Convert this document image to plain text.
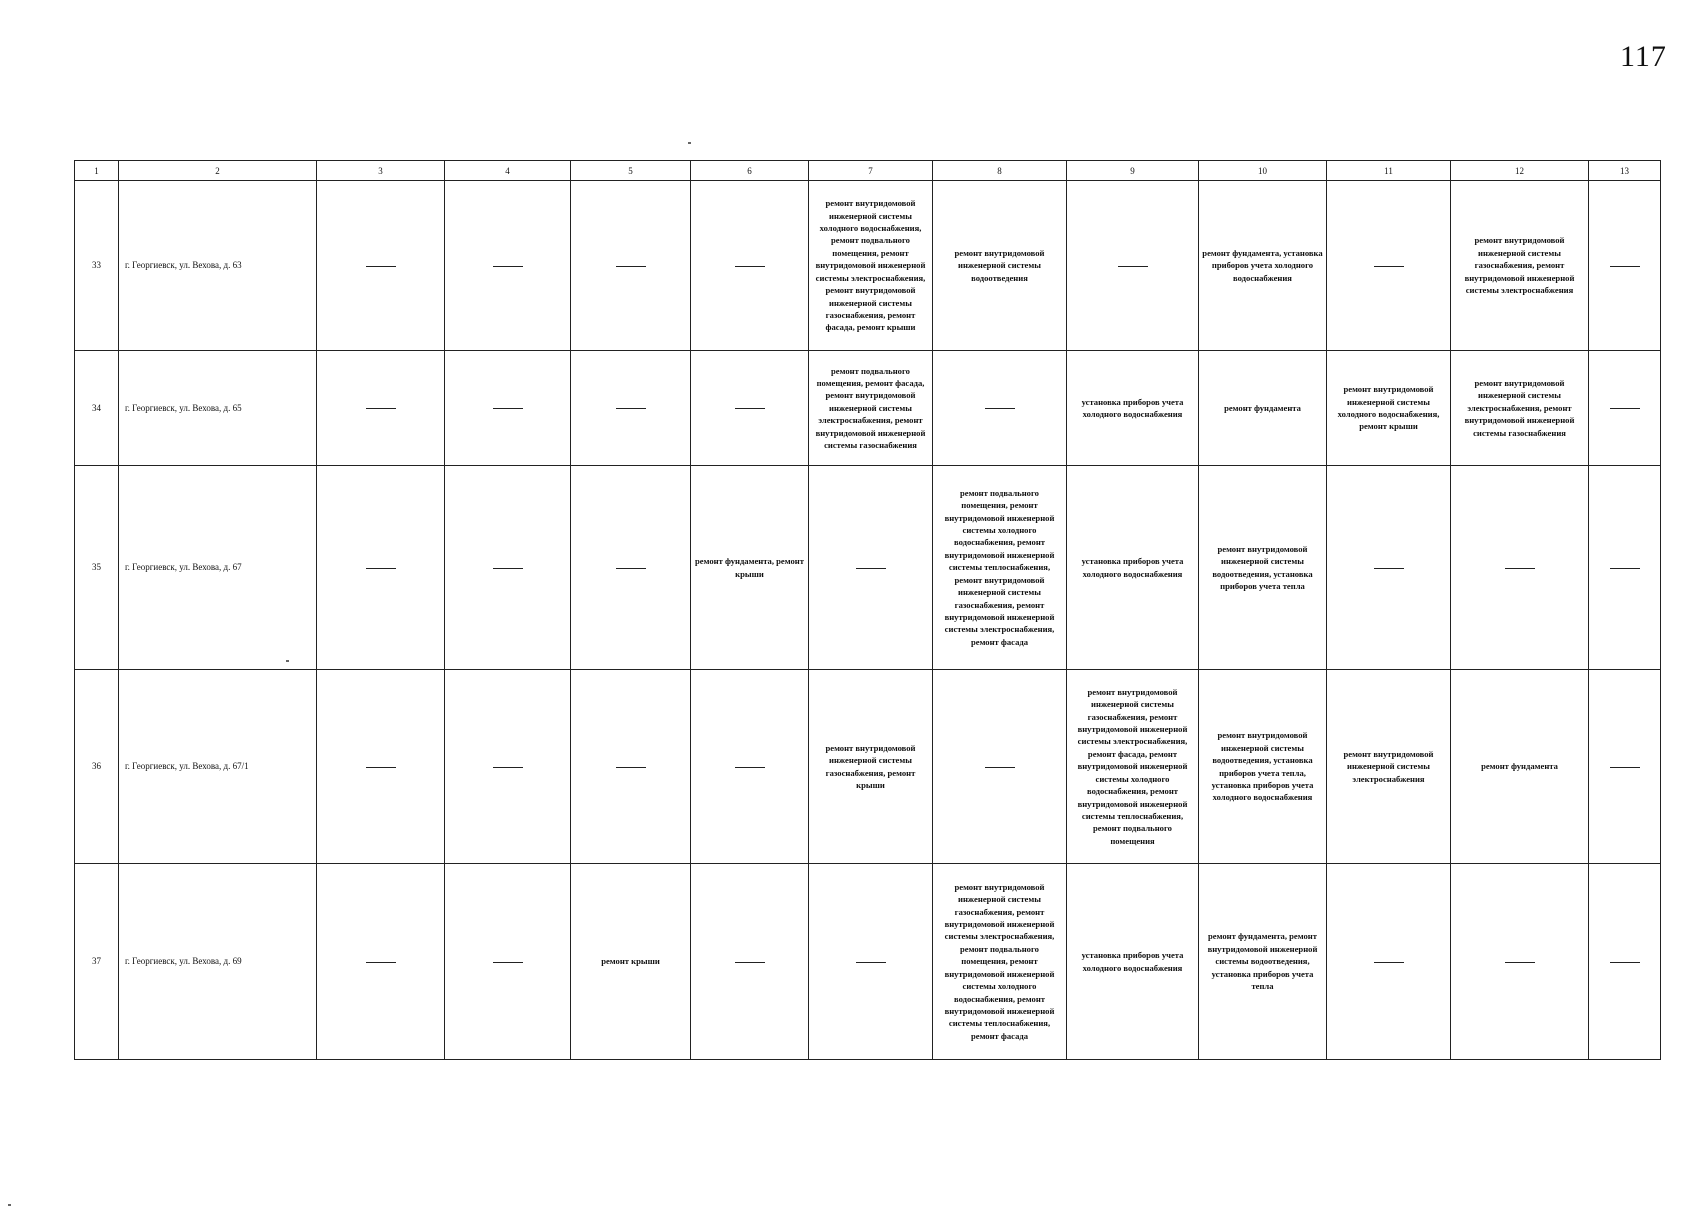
117
1	2	3	4	5	6	7	8	9	10	11	12	13
33	г. Георгиевск, ул. Вехова, д. 63					ремонт внутридомовой инженерной системы холодного водоснабжения, ремонт подвального помещения, ремонт внутридомовой инженерной системы электроснабжения, ремонт внутридомовой инженерной системы газоснабжения, ремонт фасада, ремонт крыши	ремонт внутридомовой инженерной системы водоотведения		ремонт фундамента, установка приборов учета холодного водоснабжения		ремонт внутридомовой инженерной системы газоснабжения, ремонт внутридомовой инженерной системы электроснабжения	
34	г. Георгиевск, ул. Вехова, д. 65					ремонт подвального помещения, ремонт фасада, ремонт внутридомовой инженерной системы электроснабжения, ремонт внутридомовой инженерной системы газоснабжения		установка приборов учета холодного водоснабжения	ремонт фундамента	ремонт внутридомовой инженерной системы холодного водоснабжения, ремонт крыши	ремонт внутридомовой инженерной системы электроснабжения, ремонт внутридомовой инженерной системы газоснабжения	
35	г. Георгиевск, ул. Вехова, д. 67				ремонт фундамента, ремонт крыши		ремонт подвального помещения, ремонт внутридомовой инженерной системы холодного водоснабжения, ремонт внутридомовой инженерной системы теплоснабжения, ремонт внутридомовой инженерной системы газоснабжения, ремонт внутридомовой инженерной системы электроснабжения, ремонт фасада	установка приборов учета холодного водоснабжения	ремонт внутридомовой инженерной системы водоотведения, установка приборов учета тепла			
36	г. Георгиевск, ул. Вехова, д. 67/1					ремонт внутридомовой инженерной системы газоснабжения, ремонт крыши		ремонт внутридомовой инженерной системы газоснабжения, ремонт внутридомовой инженерной системы электроснабжения, ремонт фасада, ремонт внутридомовой инженерной системы холодного водоснабжения, ремонт внутридомовой инженерной системы теплоснабжения, ремонт подвального помещения	ремонт внутридомовой инженерной системы водоотведения, установка приборов учета тепла, установка приборов учета холодного водоснабжения	ремонт внутридомовой инженерной системы электроснабжения	ремонт фундамента	
37	г. Георгиевск, ул. Вехова, д. 69			ремонт крыши			ремонт внутридомовой инженерной системы газоснабжения, ремонт внутридомовой инженерной системы электроснабжения, ремонт подвального помещения, ремонт внутридомовой инженерной системы холодного водоснабжения, ремонт внутридомовой инженерной системы теплоснабжения, ремонт фасада	установка приборов учета холодного водоснабжения	ремонт фундамента, ремонт внутридомовой инженерной системы водоотведения, установка приборов учета тепла			
